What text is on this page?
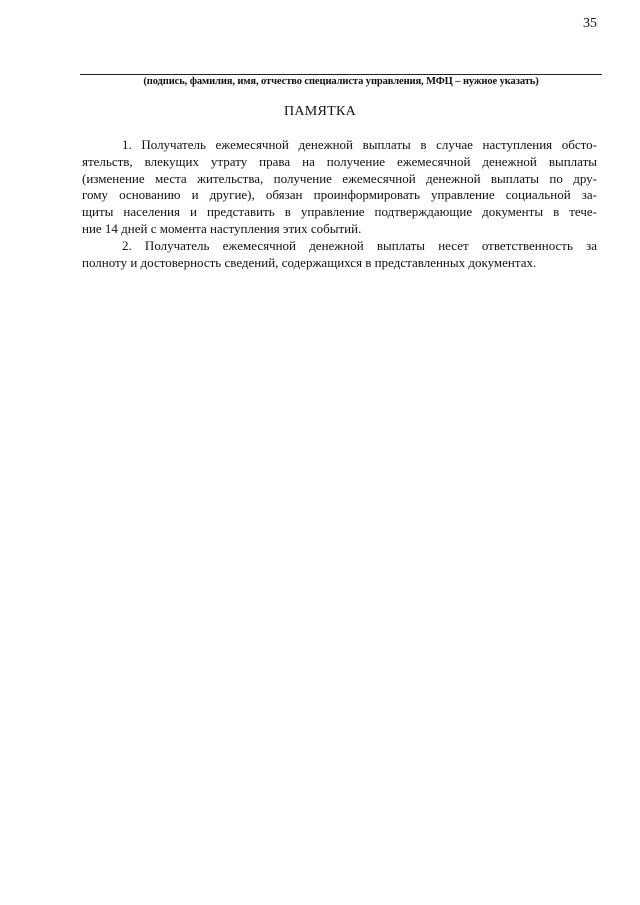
35
(подпись, фамилия, имя, отчество специалиста управления, МФЦ – нужное указать)
ПАМЯТКА
1. Получатель ежемесячной денежной выплаты в случае наступления обсто-
ятельств, влекущих утрату права на получение ежемесячной денежной выплаты
(изменение места жительства, получение ежемесячной денежной выплаты по дру-
гому основанию и другие), обязан проинформировать управление социальной за-
щиты населения и представить в управление подтверждающие документы в тече-
ние 14 дней с момента наступления этих событий.
2. Получатель ежемесячной денежной выплаты несет ответственность за
полноту и достоверность сведений, содержащихся в представленных документах.
